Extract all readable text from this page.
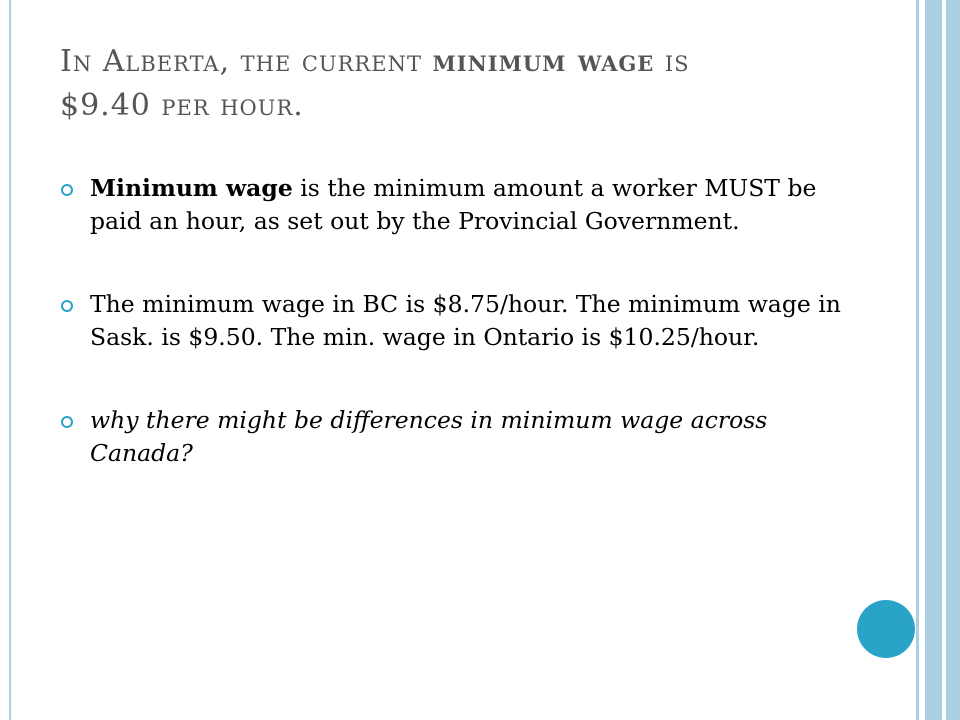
In Alberta, the current minimum wage is
$9.40 per hour.
Minimum wage is the minimum amount a worker MUST be paid an hour, as set out by the Provincial Government.
The minimum wage in BC is $8.75/hour. The minimum wage in Sask. is $9.50. The min. wage in Ontario is $10.25/hour.
why there might be differences in minimum wage across Canada?
